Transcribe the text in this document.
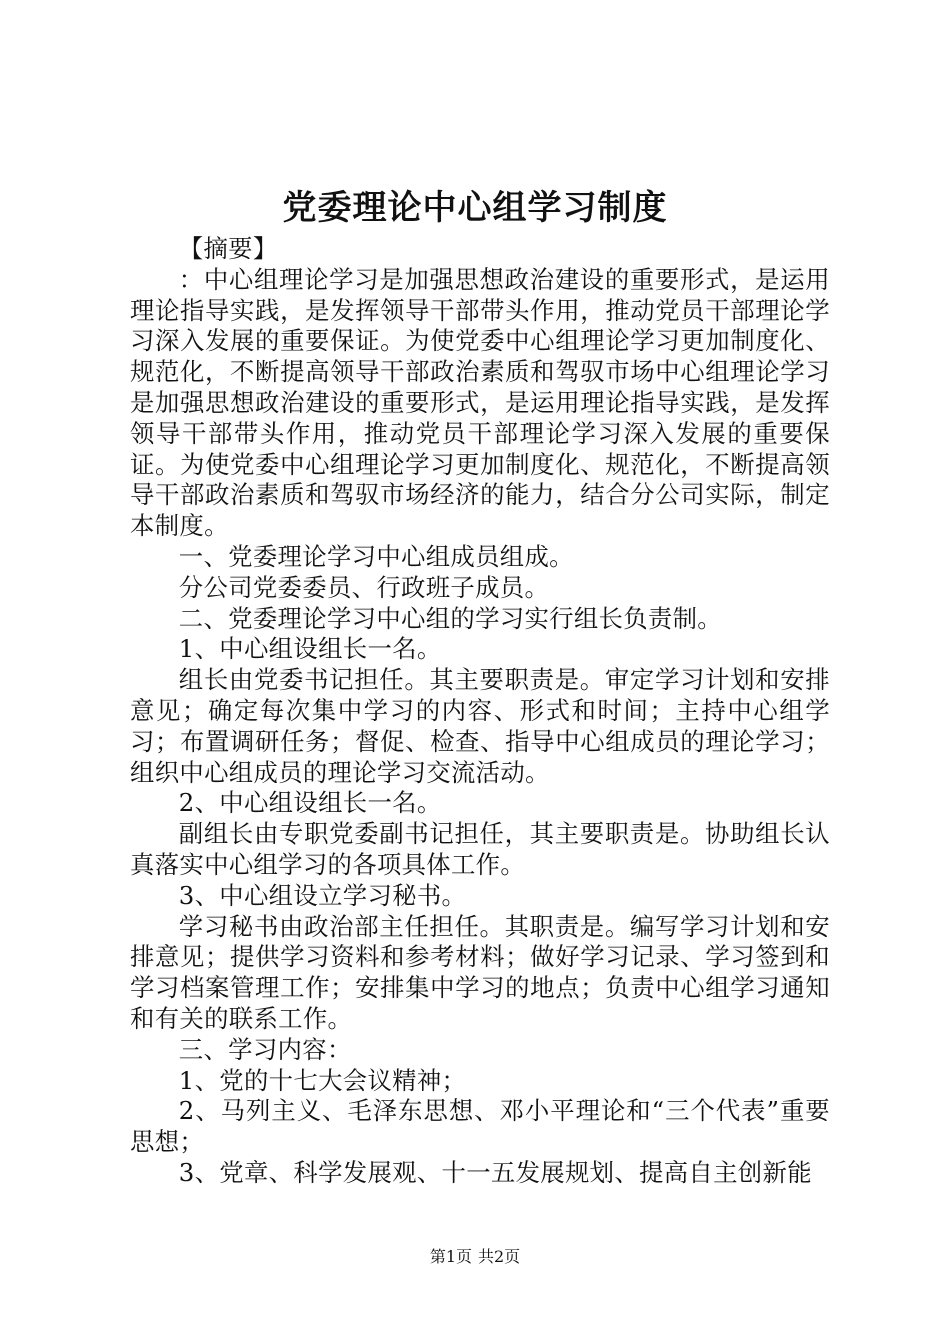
党委理论中心组学习制度

【摘要】

：中心组理论学习是加强思想政治建设的重要形式，是运用理论指导实践，是发挥领导干部带头作用，推动党员干部理论学习深入发展的重要保证。为使党委中心组理论学习更加制度化、规范化，不断提高领导干部政治素质和驾驭市场中心组理论学习是加强思想政治建设的重要形式，是运用理论指导实践，是发挥领导干部带头作用，推动党员干部理论学习深入发展的重要保证。为使党委中心组理论学习更加制度化、规范化，不断提高领导干部政治素质和驾驭市场经济的能力，结合分公司实际，制定本制度。

一、党委理论学习中心组成员组成。

分公司党委委员、行政班子成员。

二、党委理论学习中心组的学习实行组长负责制。

1、中心组设组长一名。

组长由党委书记担任。其主要职责是。审定学习计划和安排意见；确定每次集中学习的内容、形式和时间；主持中心组学习；布置调研任务；督促、检查、指导中心组成员的理论学习；组织中心组成员的理论学习交流活动。

2、中心组设组长一名。

副组长由专职党委副书记担任，其主要职责是。协助组长认真落实中心组学习的各项具体工作。

3、中心组设立学习秘书。

学习秘书由政治部主任担任。其职责是。编写学习计划和安排意见；提供学习资料和参考材料；做好学习记录、学习签到和学习档案管理工作；安排集中学习的地点；负责中心组学习通知和有关的联系工作。

三、学习内容：

1、党的十七大会议精神；

2、马列主义、毛泽东思想、邓小平理论和“三个代表”重要思想；

3、党章、科学发展观、十一五发展规划、提高自主创新能

第1页 共2页
